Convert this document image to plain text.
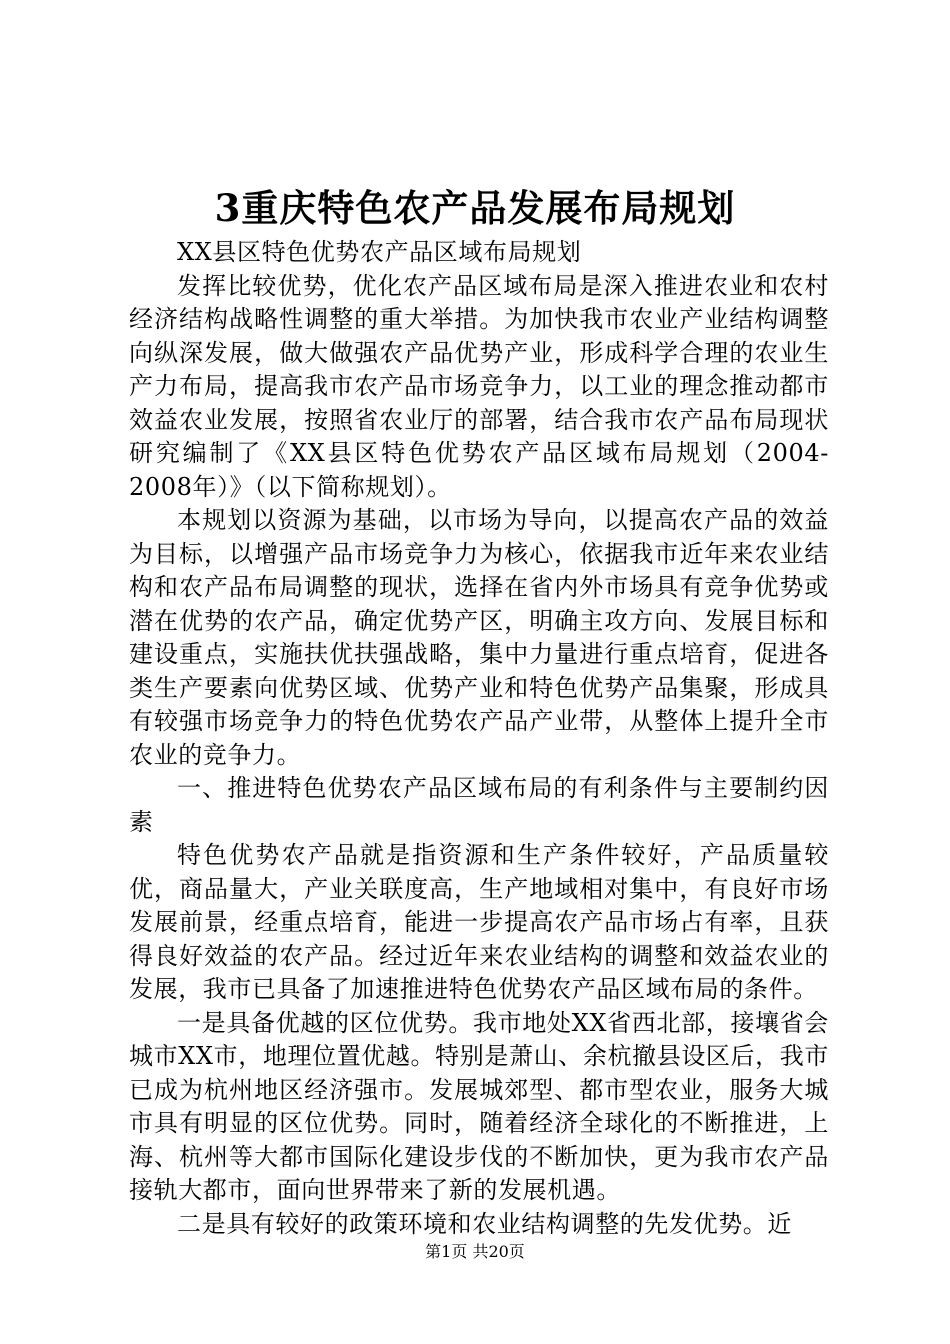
3重庆特色农产品发展布局规划

XX县区特色优势农产品区域布局规划

发挥比较优势，优化农产品区域布局是深入推进农业和农村经济结构战略性调整的重大举措。为加快我市农业产业结构调整向纵深发展，做大做强农产品优势产业，形成科学合理的农业生产力布局，提高我市农产品市场竞争力，以工业的理念推动都市效益农业发展，按照省农业厅的部署，结合我市农产品布局现状研究编制了《XX县区特色优势农产品区域布局规划（2004-2008年）》（以下简称规划）。

本规划以资源为基础，以市场为导向，以提高农产品的效益为目标，以增强产品市场竞争力为核心，依据我市近年来农业结构和农产品布局调整的现状，选择在省内外市场具有竞争优势或潜在优势的农产品，确定优势产区，明确主攻方向、发展目标和建设重点，实施扶优扶强战略，集中力量进行重点培育，促进各类生产要素向优势区域、优势产业和特色优势产品集聚，形成具有较强市场竞争力的特色优势农产品产业带，从整体上提升全市农业的竞争力。

一、推进特色优势农产品区域布局的有利条件与主要制约因素

特色优势农产品就是指资源和生产条件较好，产品质量较优，商品量大，产业关联度高，生产地域相对集中，有良好市场发展前景，经重点培育，能进一步提高农产品市场占有率，且获得良好效益的农产品。经过近年来农业结构的调整和效益农业的发展，我市已具备了加速推进特色优势农产品区域布局的条件。

一是具备优越的区位优势。我市地处XX省西北部，接壤省会城市XX市，地理位置优越。特别是萧山、余杭撤县设区后，我市已成为杭州地区经济强市。发展城郊型、都市型农业，服务大城市具有明显的区位优势。同时，随着经济全球化的不断推进，上海、杭州等大都市国际化建设步伐的不断加快，更为我市农产品接轨大都市，面向世界带来了新的发展机遇。

二是具有较好的政策环境和农业结构调整的先发优势。近

第1页 共20页
